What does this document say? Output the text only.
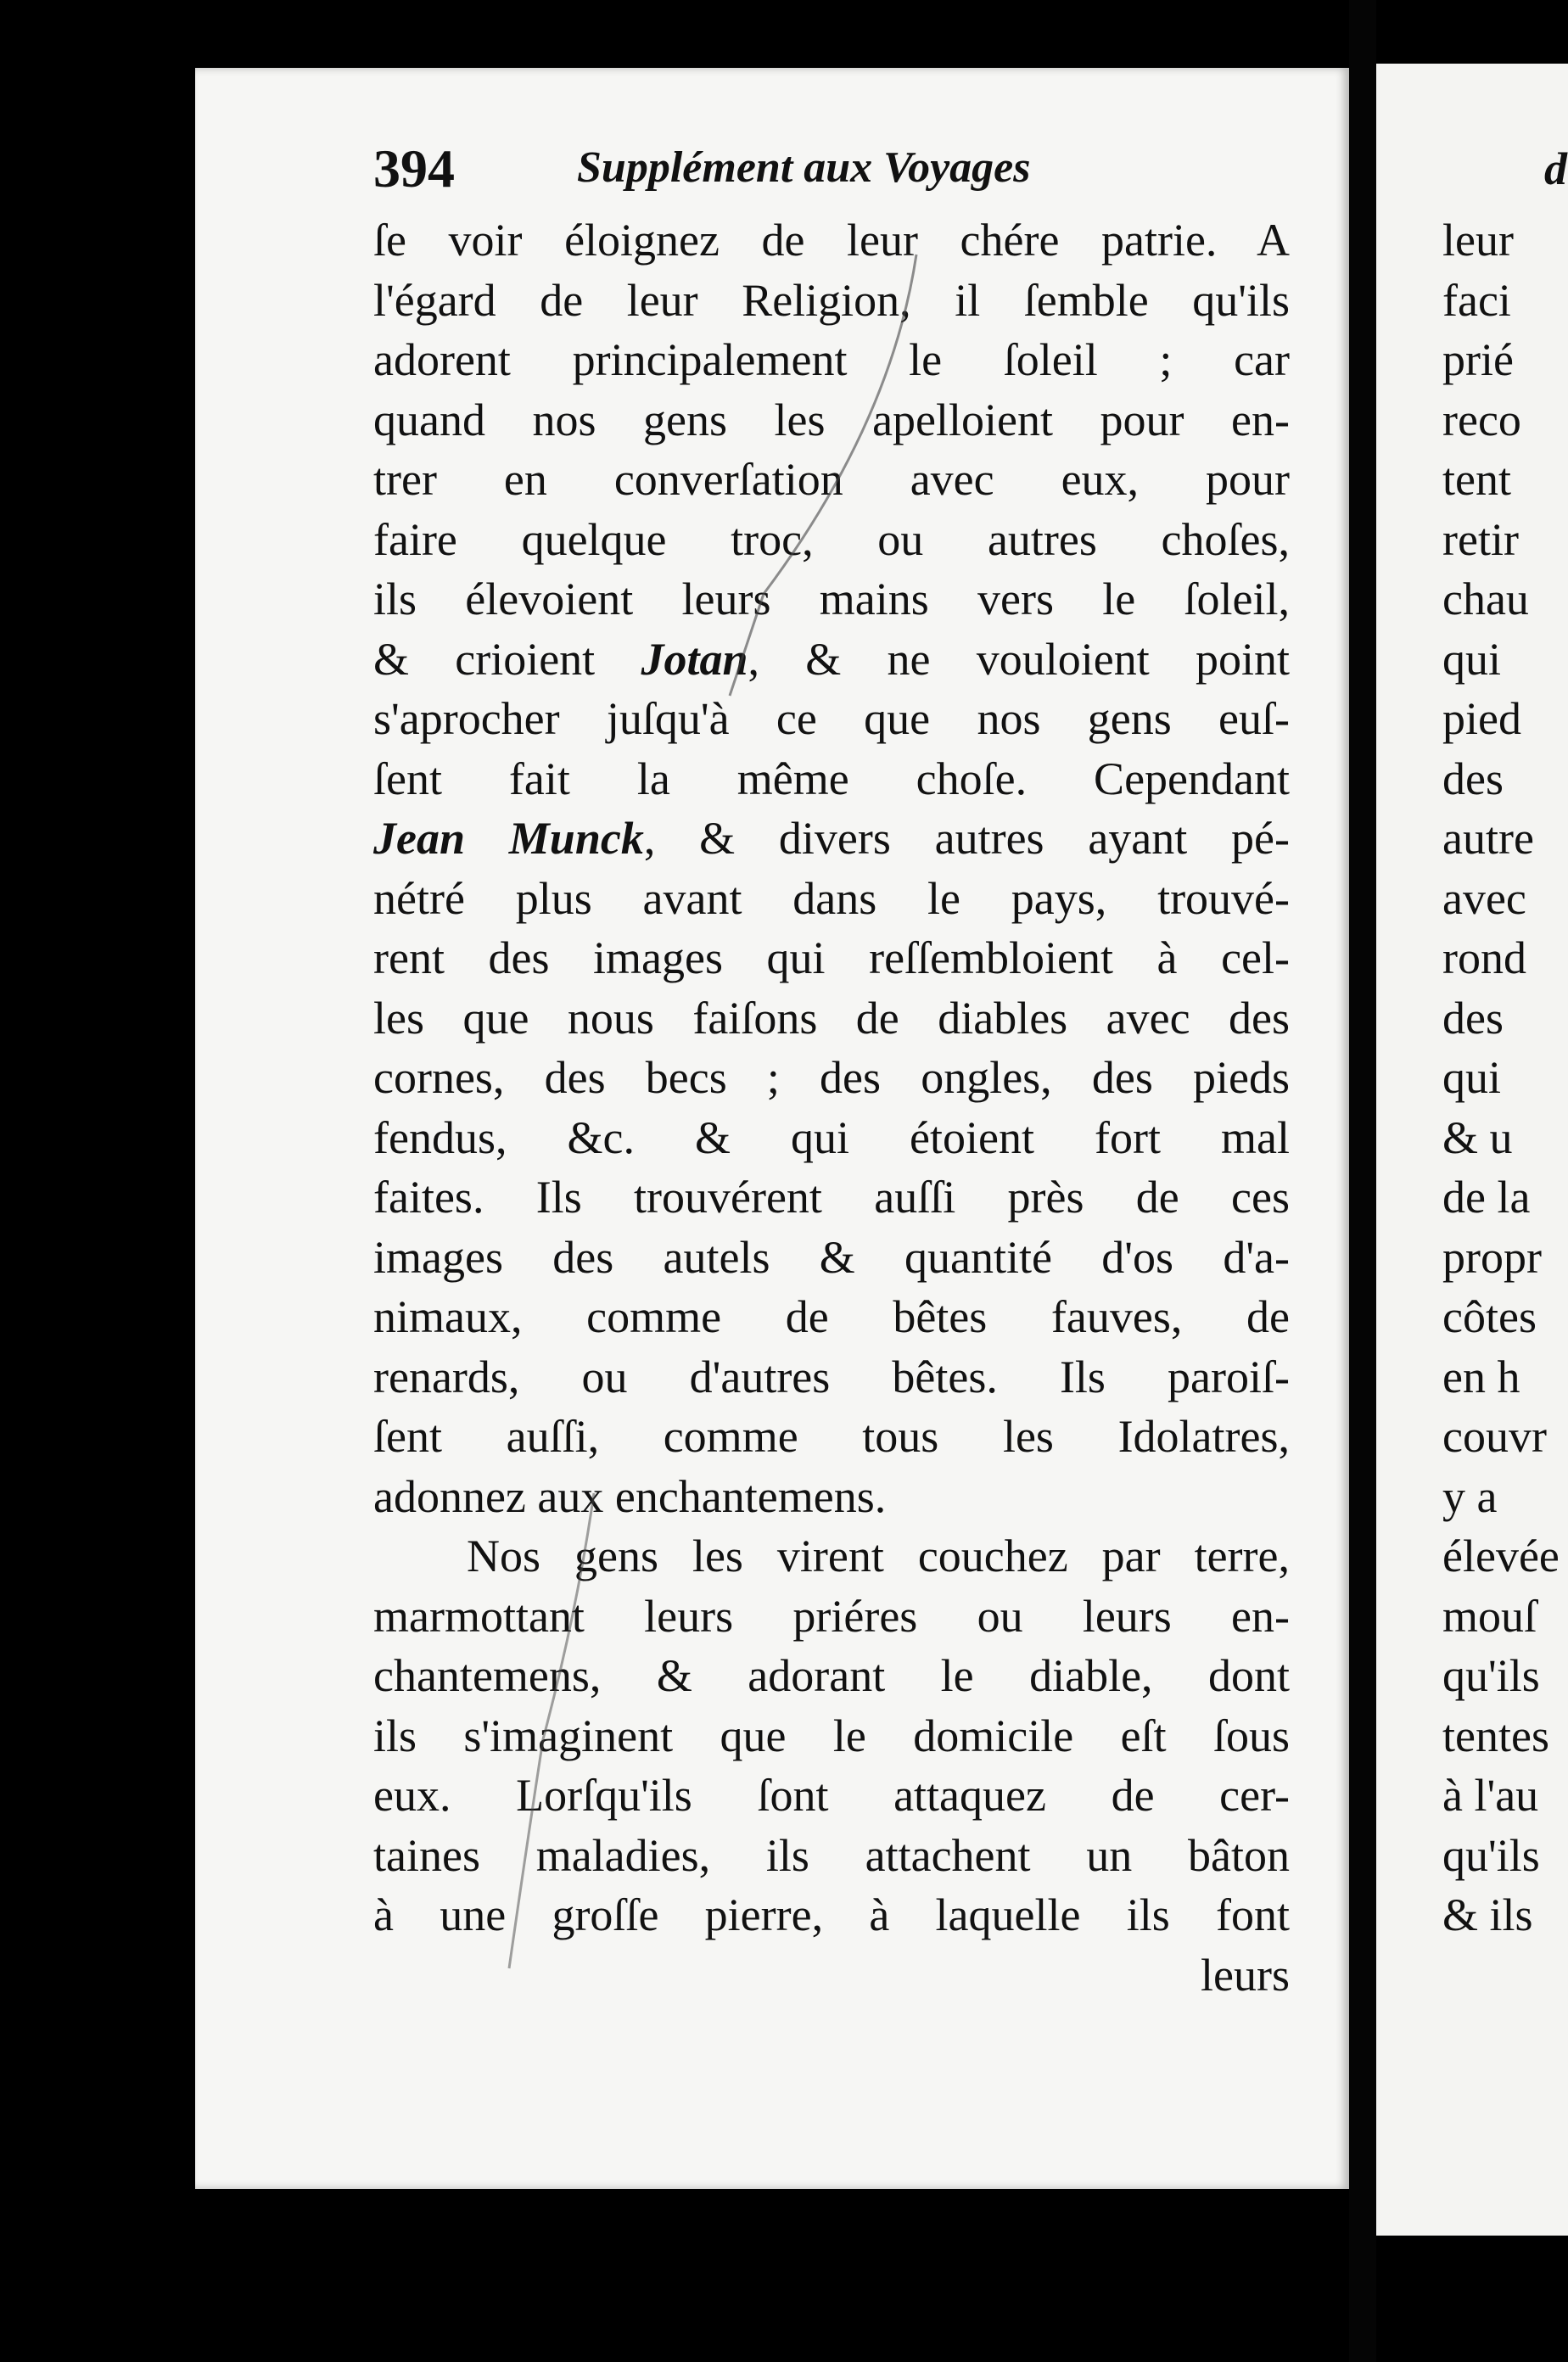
394	Supplément aux Voyages
ſe voir éloignez de leur chére patrie. A
l'égard de leur Religion, il ſemble qu'ils
adorent principalement le ſoleil ; car
quand nos gens les apelloient pour en-
trer en converſation avec eux, pour
faire quelque troc, ou autres choſes,
ils élevoient leurs mains vers le ſoleil,
& crioient Jotan, & ne vouloient point
s'aprocher juſqu'à ce que nos gens euſ-
ſent fait la même choſe. Cependant
Jean Munck, & divers autres ayant pé-
nétré plus avant dans le pays, trouvé-
rent des images qui reſſembloient à cel-
les que nous faiſons de diables avec des
cornes, des becs ; des ongles, des pieds
fendus, &c. & qui étoient fort mal
faites. Ils trouvérent auſſi près de ces
images des autels & quantité d'os d'a-
nimaux, comme de bêtes fauves, de
renards, ou d'autres bêtes. Ils paroiſ-
ſent auſſi, comme tous les Idolatres,
adonnez aux enchantemens.
Nos gens les virent couchez par terre,
marmottant leurs priéres ou leurs en-
chantemens, & adorant le diable, dont
ils s'imaginent que le domicile eſt ſous
eux. Lorſqu'ils ſont attaquez de cer-
taines maladies, ils attachent un bâton
à une groſſe pierre, à laquelle ils font
leurs
d
leur
faci
prié
reco
tent
retir
chau
qui
pied
des
autre
avec
rond
des
qui
& u
de la
propr
côtes
en h
couvr
y a
élevée
mouſ
qu'ils
tentes
à l'au
qu'ils
& ils
